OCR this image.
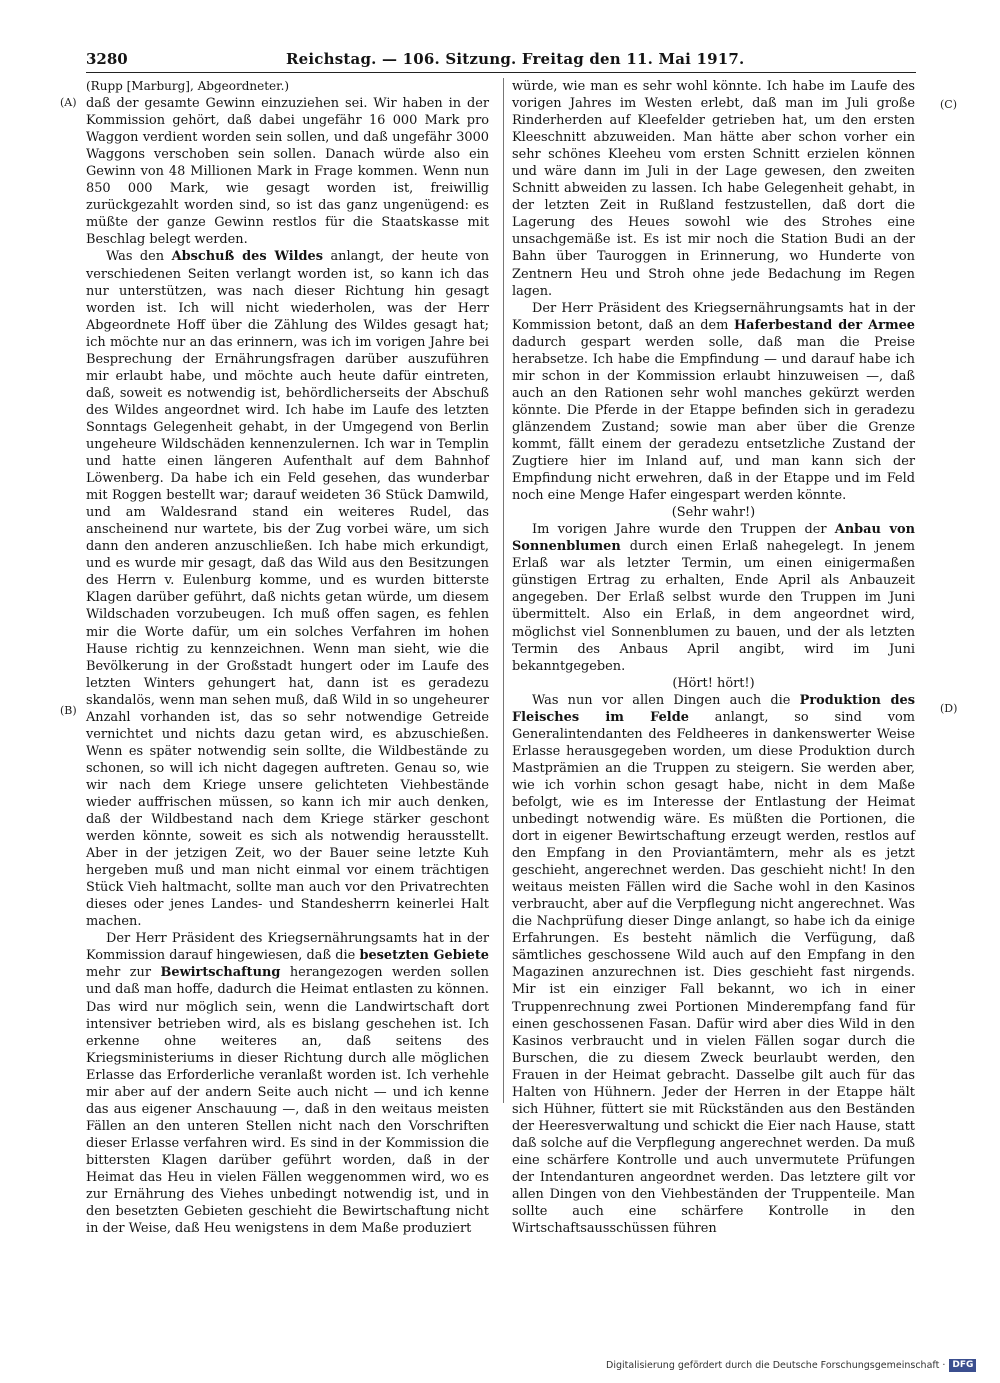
3280	Reichstag. — 106. Sitzung. Freitag den 11. Mai 1917.
(A)
(B)
(C)
(D)

(Rupp [Marburg], Abgeordneter.)

daß der gesamte Gewinn einzuziehen sei. Wir haben in der Kommission gehört, daß dabei ungefähr 16 000 Mark pro Waggon verdient worden sein sollen, und daß ungefähr 3000 Waggons verschoben sein sollen. Danach würde also ein Gewinn von 48 Millionen Mark in Frage kommen. Wenn nun 850 000 Mark, wie gesagt worden ist, freiwillig zurückgezahlt worden sind, so ist das ganz ungenügend: es müßte der ganze Gewinn restlos für die Staatskasse mit Beschlag belegt werden.

Was den Abschuß des Wildes anlangt, der heute von verschiedenen Seiten verlangt worden ist, so kann ich das nur unterstützen, was nach dieser Richtung hin gesagt worden ist. Ich will nicht wiederholen, was der Herr Abgeordnete Hoff über die Zählung des Wildes gesagt hat; ich möchte nur an das erinnern, was ich im vorigen Jahre bei Besprechung der Ernährungsfragen darüber auszuführen mir erlaubt habe, und möchte auch heute dafür eintreten, daß, soweit es notwendig ist, behördlicherseits der Abschuß des Wildes angeordnet wird. Ich habe im Laufe des letzten Sonntags Gelegenheit gehabt, in der Umgegend von Berlin ungeheure Wildschäden kennenzulernen. Ich war in Templin und hatte einen längeren Aufenthalt auf dem Bahnhof Löwenberg. Da habe ich ein Feld gesehen, das wunderbar mit Roggen bestellt war; darauf weideten 36 Stück Damwild, und am Waldesrand stand ein weiteres Rudel, das anscheinend nur wartete, bis der Zug vorbei wäre, um sich dann den anderen anzuschließen. Ich habe mich erkundigt, und es wurde mir gesagt, daß das Wild aus den Besitzungen des Herrn v. Eulenburg komme, und es wurden bitterste Klagen darüber geführt, daß nichts getan würde, um diesem Wildschaden vorzubeugen. Ich muß offen sagen, es fehlen mir die Worte dafür, um ein solches Verfahren im hohen Hause richtig zu kennzeichnen. Wenn man sieht, wie die Bevölkerung in der Großstadt hungert oder im Laufe des letzten Winters gehungert hat, dann ist es geradezu skandalös, wenn man sehen muß, daß Wild in so ungeheurer Anzahl vorhanden ist, das so sehr notwendige Getreide vernichtet und nichts dazu getan wird, es abzuschießen. Wenn es später notwendig sein sollte, die Wildbestände zu schonen, so will ich nicht dagegen auftreten. Genau so, wie wir nach dem Kriege unsere gelichteten Viehbestände wieder auffrischen müssen, so kann ich mir auch denken, daß der Wildbestand nach dem Kriege stärker geschont werden könnte, soweit es sich als notwendig herausstellt. Aber in der jetzigen Zeit, wo der Bauer seine letzte Kuh hergeben muß und man nicht einmal vor einem trächtigen Stück Vieh haltmacht, sollte man auch vor den Privatrechten dieses oder jenes Landes- und Standesherrn keinerlei Halt machen.

Der Herr Präsident des Kriegsernährungsamts hat in der Kommission darauf hingewiesen, daß die besetzten Gebiete mehr zur Bewirtschaftung herangezogen werden sollen und daß man hoffe, dadurch die Heimat entlasten zu können. Das wird nur möglich sein, wenn die Landwirtschaft dort intensiver betrieben wird, als es bislang geschehen ist. Ich erkenne ohne weiteres an, daß seitens des Kriegsministeriums in dieser Richtung durch alle möglichen Erlasse das Erforderliche veranlaßt worden ist. Ich verhehle mir aber auf der andern Seite auch nicht — und ich kenne das aus eigener Anschauung —, daß in den weitaus meisten Fällen an den unteren Stellen nicht nach den Vorschriften dieser Erlasse verfahren wird. Es sind in der Kommission die bittersten Klagen darüber geführt worden, daß in der Heimat das Heu in vielen Fällen weggenommen wird, wo es zur Ernährung des Viehes unbedingt notwendig ist, und in den besetzten Gebieten geschieht die Bewirtschaftung nicht in der Weise, daß Heu wenigstens in dem Maße produziert

würde, wie man es sehr wohl könnte. Ich habe im Laufe des vorigen Jahres im Westen erlebt, daß man im Juli große Rinderherden auf Kleefelder getrieben hat, um den ersten Kleeschnitt abzuweiden. Man hätte aber schon vorher ein sehr schönes Kleeheu vom ersten Schnitt erzielen können und wäre dann im Juli in der Lage gewesen, den zweiten Schnitt abweiden zu lassen. Ich habe Gelegenheit gehabt, in der letzten Zeit in Rußland festzustellen, daß dort die Lagerung des Heues sowohl wie des Strohes eine unsachgemäße ist. Es ist mir noch die Station Budi an der Bahn über Tauroggen in Erinnerung, wo Hunderte von Zentnern Heu und Stroh ohne jede Bedachung im Regen lagen.

Der Herr Präsident des Kriegsernährungsamts hat in der Kommission betont, daß an dem Haferbestand der Armee dadurch gespart werden solle, daß man die Preise herabsetze. Ich habe die Empfindung — und darauf habe ich mir schon in der Kommission erlaubt hinzuweisen —, daß auch an den Rationen sehr wohl manches gekürzt werden könnte. Die Pferde in der Etappe befinden sich in geradezu glänzendem Zustand; sowie man aber über die Grenze kommt, fällt einem der geradezu entsetzliche Zustand der Zugtiere hier im Inland auf, und man kann sich der Empfindung nicht erwehren, daß in der Etappe und im Feld noch eine Menge Hafer eingespart werden könnte.

(Sehr wahr!)

Im vorigen Jahre wurde den Truppen der Anbau von Sonnenblumen durch einen Erlaß nahegelegt. In jenem Erlaß war als letzter Termin, um einen einigermaßen günstigen Ertrag zu erhalten, Ende April als Anbauzeit angegeben. Der Erlaß selbst wurde den Truppen im Juni übermittelt. Also ein Erlaß, in dem angeordnet wird, möglichst viel Sonnenblumen zu bauen, und der als letzten Termin des Anbaus April angibt, wird im Juni bekanntgegeben.

(Hört! hört!)

Was nun vor allen Dingen auch die Produktion des Fleisches im Felde anlangt, so sind vom Generalintendanten des Feldheeres in dankenswerter Weise Erlasse herausgegeben worden, um diese Produktion durch Mastprämien an die Truppen zu steigern. Sie werden aber, wie ich vorhin schon gesagt habe, nicht in dem Maße befolgt, wie es im Interesse der Entlastung der Heimat unbedingt notwendig wäre. Es müßten die Portionen, die dort in eigener Bewirtschaftung erzeugt werden, restlos auf den Empfang in den Proviantämtern, mehr als es jetzt geschieht, angerechnet werden. Das geschieht nicht! In den weitaus meisten Fällen wird die Sache wohl in den Kasinos verbraucht, aber auf die Verpflegung nicht angerechnet. Was die Nachprüfung dieser Dinge anlangt, so habe ich da einige Erfahrungen. Es besteht nämlich die Verfügung, daß sämtliches geschossene Wild auch auf den Empfang in den Magazinen anzurechnen ist. Dies geschieht fast nirgends. Mir ist ein einziger Fall bekannt, wo ich in einer Truppenrechnung zwei Portionen Minderempfang fand für einen geschossenen Fasan. Dafür wird aber dies Wild in den Kasinos verbraucht und in vielen Fällen sogar durch die Burschen, die zu diesem Zweck beurlaubt werden, den Frauen in der Heimat gebracht. Dasselbe gilt auch für das Halten von Hühnern. Jeder der Herren in der Etappe hält sich Hühner, füttert sie mit Rückständen aus den Beständen der Heeresverwaltung und schickt die Eier nach Hause, statt daß solche auf die Verpflegung angerechnet werden. Da muß eine schärfere Kontrolle und auch unvermutete Prüfungen der Intendanturen angeordnet werden. Das letztere gilt vor allen Dingen von den Viehbeständen der Truppenteile. Man sollte auch eine schärfere Kontrolle in den Wirtschaftsausschüssen führen

Digitalisierung gefördert durch die Deutsche Forschungsgemeinschaft · DFG
